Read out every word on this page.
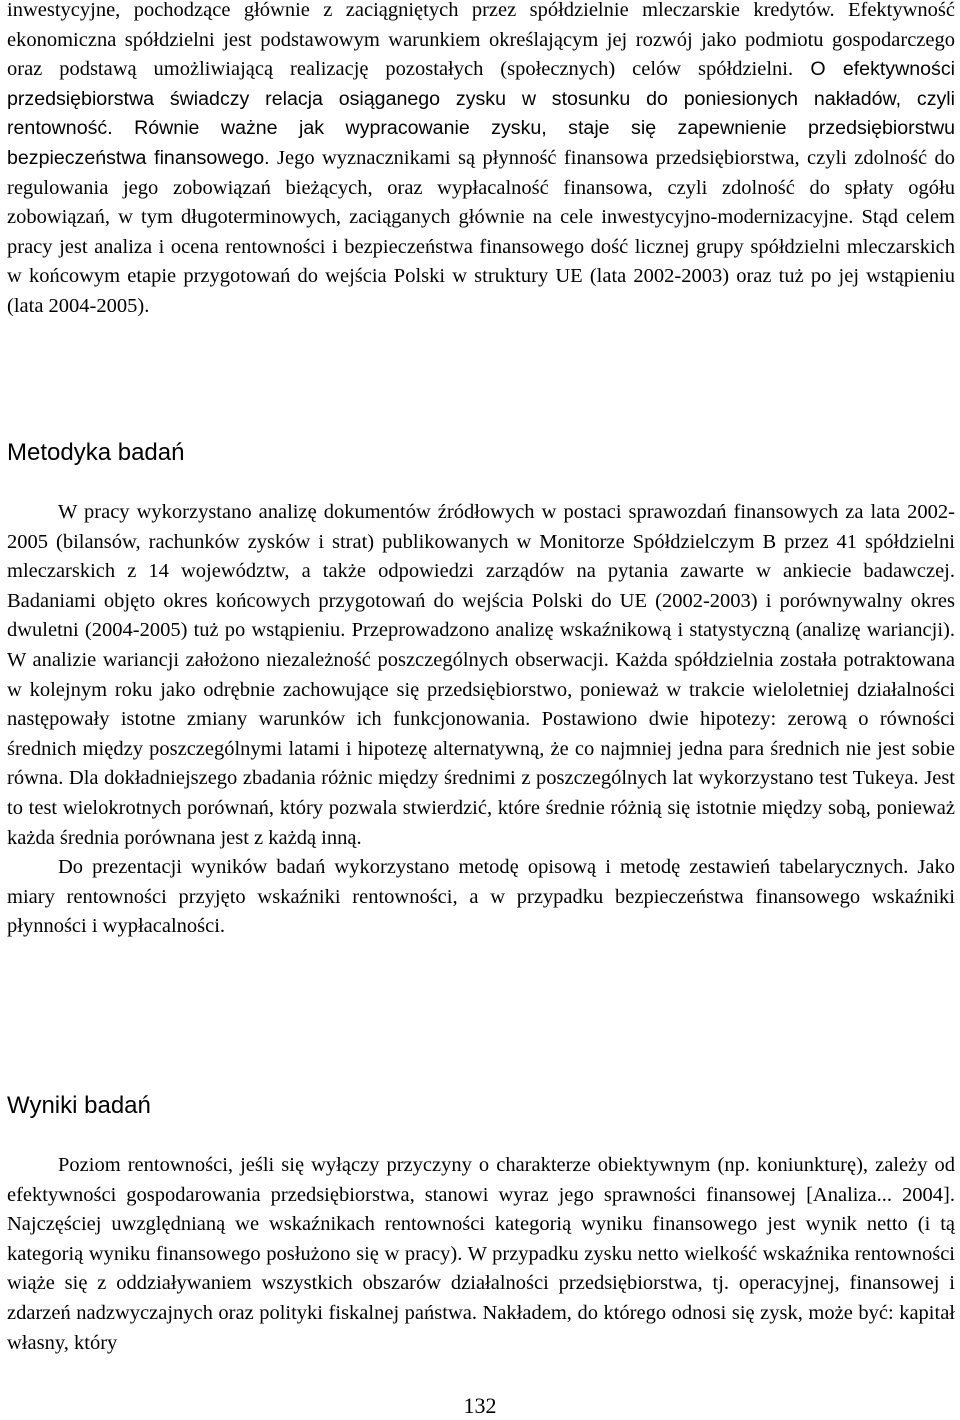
inwestycyjne, pochodzące głównie z zaciągniętych przez spółdzielnie mleczarskie kredytów. Efektywność ekonomiczna spółdzielni jest podstawowym warunkiem określającym jej rozwój jako podmiotu gospodarczego oraz podstawą umożliwiającą realizację pozostałych (społecznych) celów spółdzielni. O efektywności przedsiębiorstwa świadczy relacja osiąganego zysku w stosunku do poniesionych nakładów, czyli rentowność. Równie ważne jak wypracowanie zysku, staje się zapewnienie przedsiębiorstwu bezpieczeństwa finansowego. Jego wyznacznikami są płynność finansowa przedsiębiorstwa, czyli zdolność do regulowania jego zobowiązań bieżących, oraz wypłacalność finansowa, czyli zdolność do spłaty ogółu zobowiązań, w tym długoterminowych, zaciąganych głównie na cele inwestycyjno-modernizacyjne. Stąd celem pracy jest analiza i ocena rentowności i bezpieczeństwa finansowego dość licznej grupy spółdzielni mleczarskich w końcowym etapie przygotowań do wejścia Polski w struktury UE (lata 2002-2003) oraz tuż po jej wstąpieniu (lata 2004-2005).

Metodyka badań

W pracy wykorzystano analizę dokumentów źródłowych w postaci sprawozdań finansowych za lata 2002-2005 (bilansów, rachunków zysków i strat) publikowanych w Monitorze Spółdzielczym B przez 41 spółdzielni mleczarskich z 14 województw, a także odpowiedzi zarządów na pytania zawarte w ankiecie badawczej. Badaniami objęto okres końcowych przygotowań do wejścia Polski do UE (2002-2003) i porównywalny okres dwuletni (2004-2005) tuż po wstąpieniu. Przeprowadzono analizę wskaźnikową i statystyczną (analizę wariancji). W analizie wariancji założono niezależność poszczególnych obserwacji. Każda spółdzielnia została potraktowana w kolejnym roku jako odrębnie zachowujące się przedsiębiorstwo, ponieważ w trakcie wieloletniej działalności następowały istotne zmiany warunków ich funkcjonowania. Postawiono dwie hipotezy: zerową o równości średnich między poszczególnymi latami i hipotezę alternatywną, że co najmniej jedna para średnich nie jest sobie równa. Dla dokładniejszego zbadania różnic między średnimi z poszczególnych lat wykorzystano test Tukeya. Jest to test wielokrotnych porównań, który pozwala stwierdzić, które średnie różnią się istotnie między sobą, ponieważ każda średnia porównana jest z każdą inną.

Do prezentacji wyników badań wykorzystano metodę opisową i metodę zestawień tabelarycznych. Jako miary rentowności przyjęto wskaźniki rentowności, a w przypadku bezpieczeństwa finansowego wskaźniki płynności i wypłacalności.

Wyniki badań

Poziom rentowności, jeśli się wyłączy przyczyny o charakterze obiektywnym (np. koniunkturę), zależy od efektywności gospodarowania przedsiębiorstwa, stanowi wyraz jego sprawności finansowej [Analiza... 2004]. Najczęściej uwzględnianą we wskaźnikach rentowności kategorią wyniku finansowego jest wynik netto (i tą kategorią wyniku finansowego posłużono się w pracy). W przypadku zysku netto wielkość wskaźnika rentowności wiąże się z oddziaływaniem wszystkich obszarów działalności przedsiębiorstwa, tj. operacyjnej, finansowej i zdarzeń nadzwyczajnych oraz polityki fiskalnej państwa. Nakładem, do którego odnosi się zysk, może być: kapitał własny, który

132
